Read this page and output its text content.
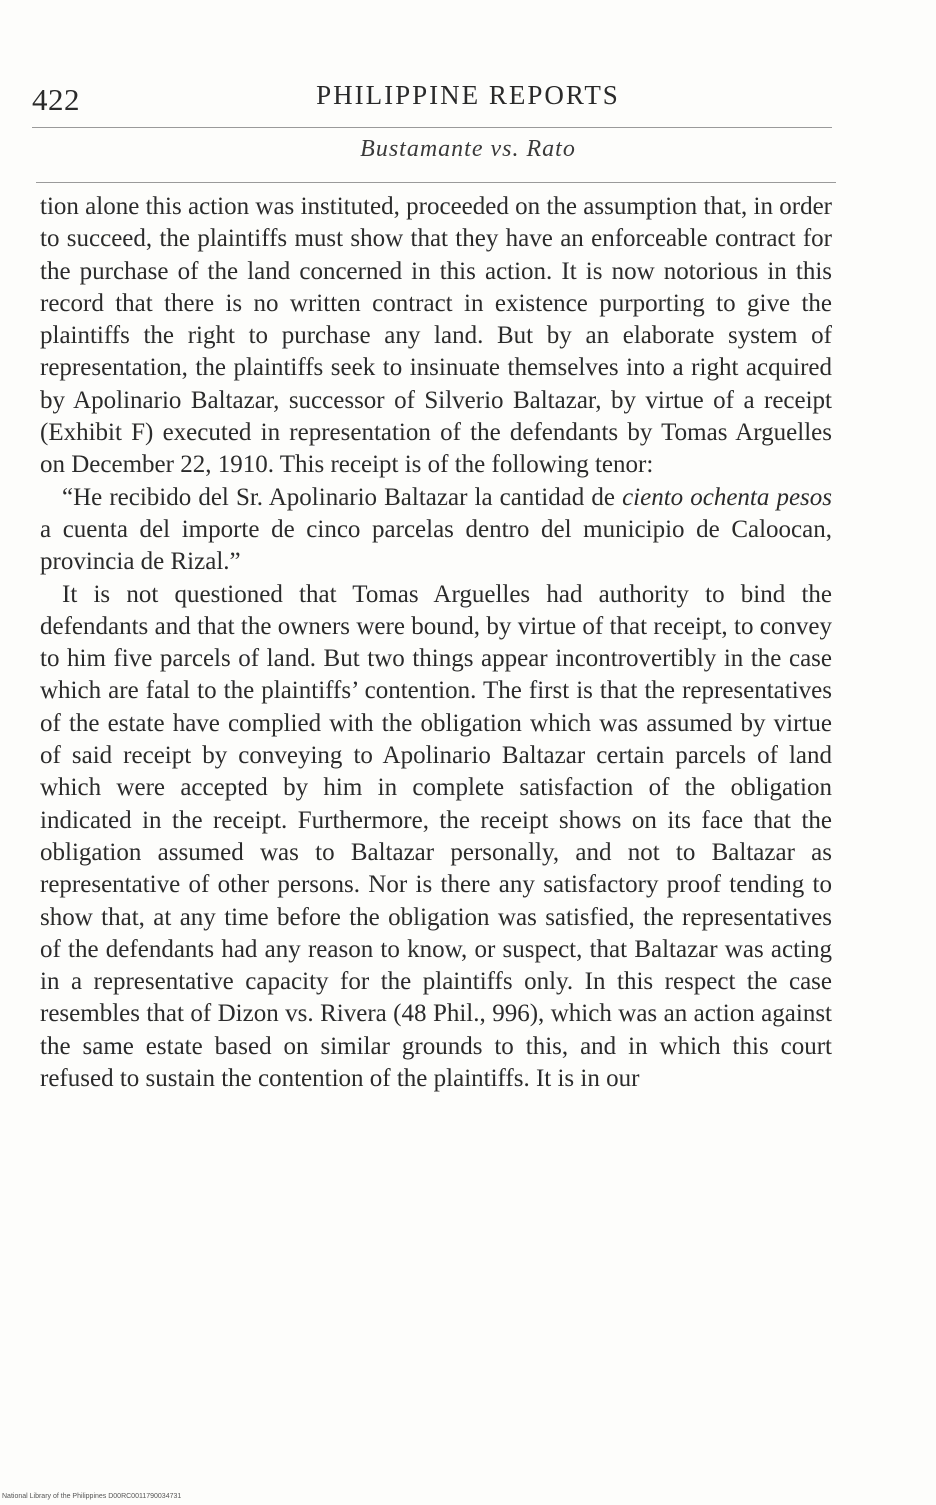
422	PHILIPPINE REPORTS
Bustamante vs. Rato

tion alone this action was instituted, proceeded on the assumption that, in order to succeed, the plaintiffs must show that they have an enforceable contract for the purchase of the land concerned in this action. It is now notorious in this record that there is no written contract in existence purporting to give the plaintiffs the right to purchase any land. But by an elaborate system of representation, the plaintiffs seek to insinuate themselves into a right acquired by Apolinario Baltazar, successor of Silverio Baltazar, by virtue of a receipt (Exhibit F) executed in representation of the defendants by Tomas Arguelles on December 22, 1910. This receipt is of the following tenor:

“He recibido del Sr. Apolinario Baltazar la cantidad de ciento ochenta pesos a cuenta del importe de cinco parcelas dentro del municipio de Caloocan, provincia de Rizal.”

It is not questioned that Tomas Arguelles had authority to bind the defendants and that the owners were bound, by virtue of that receipt, to convey to him five parcels of land. But two things appear incontrovertibly in the case which are fatal to the plaintiffs’ contention. The first is that the representatives of the estate have complied with the obligation which was assumed by virtue of said receipt by conveying to Apolinario Baltazar certain parcels of land which were accepted by him in complete satisfaction of the obligation indicated in the receipt. Furthermore, the receipt shows on its face that the obligation assumed was to Baltazar personally, and not to Baltazar as representative of other persons. Nor is there any satisfactory proof tending to show that, at any time before the obligation was satisfied, the representatives of the defendants had any reason to know, or suspect, that Baltazar was acting in a representative capacity for the plaintiffs only. In this respect the case resembles that of Dizon vs. Rivera (48 Phil., 996), which was an action against the same estate based on similar grounds to this, and in which this court refused to sustain the contention of the plaintiffs. It is in our

National Library of the Philippines D00RC0011790034731
